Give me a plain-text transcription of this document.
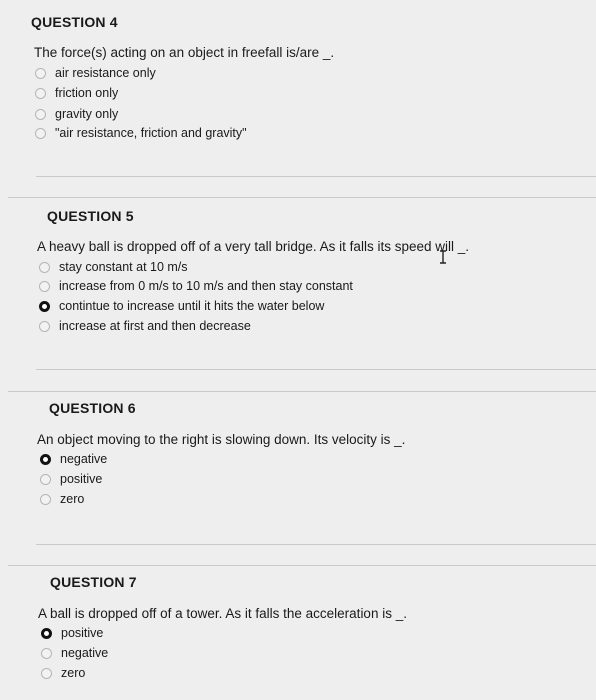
QUESTION 4
The force(s) acting on an object in freefall is/are _.
air resistance only
friction only
gravity only
"air resistance, friction and gravity"
QUESTION 5
A heavy ball is dropped off of a very tall bridge. As it falls its speed will _.
stay constant at 10 m/s
increase from 0 m/s to 10 m/s and then stay constant
contintue to increase until it hits the water below
increase at first and then decrease
QUESTION 6
An object moving to the right is slowing down. Its velocity is _.
negative
positive
zero
QUESTION 7
A ball is dropped off of a tower. As it falls the acceleration is _.
positive
negative
zero
